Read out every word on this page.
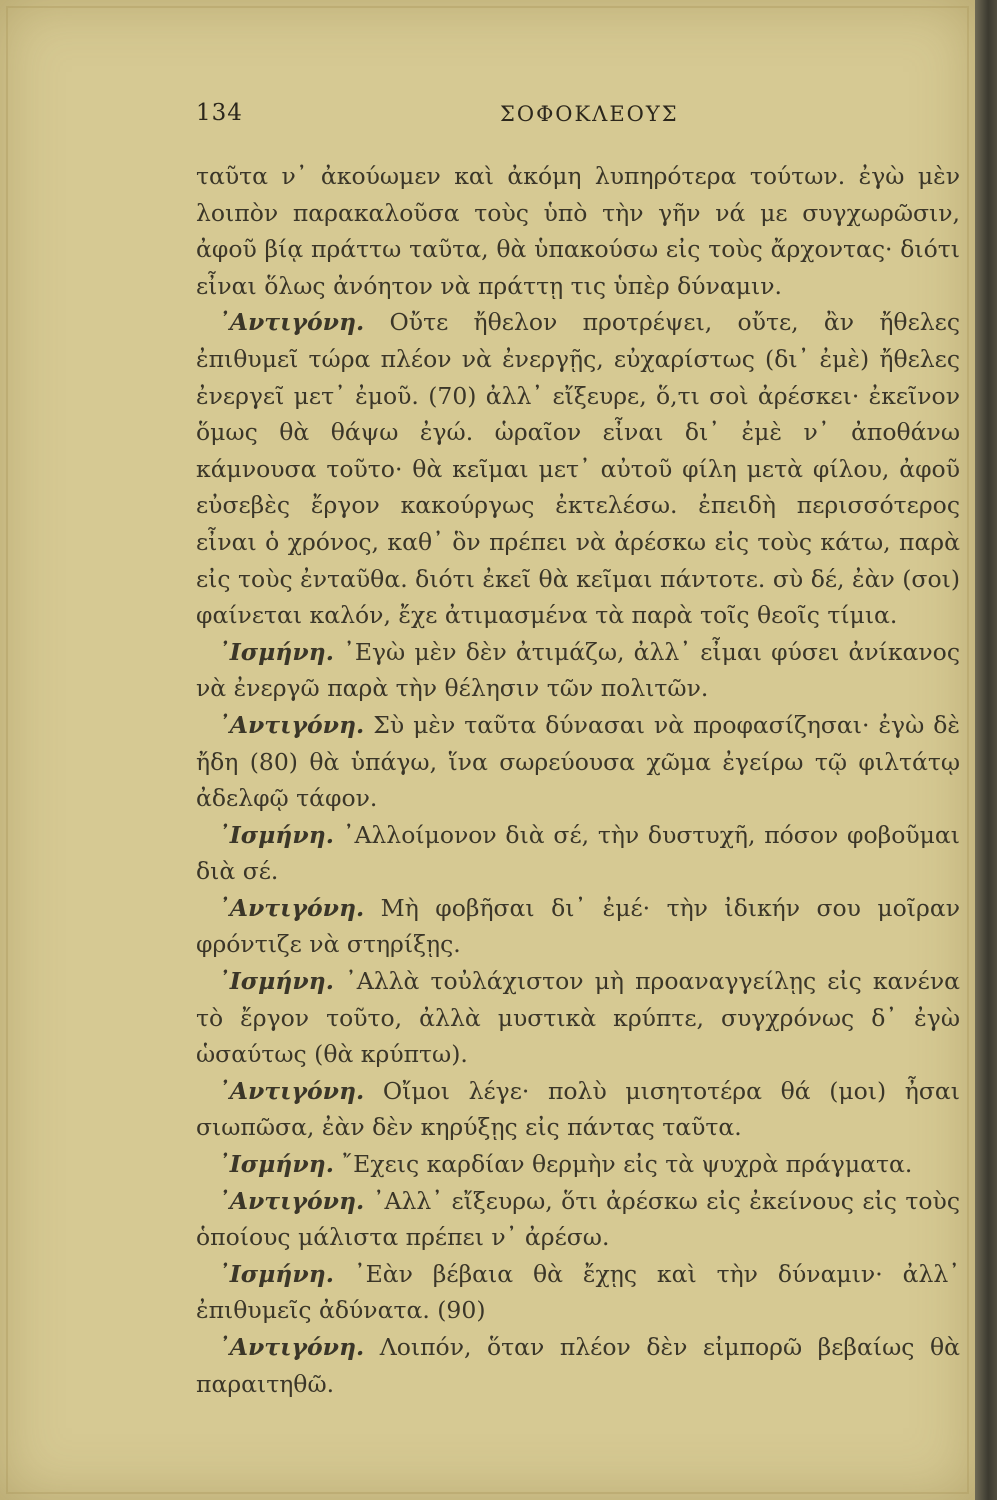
134	ΣΟΦΟΚΛΕΟΥΣ

ταῦτα ν᾽ ἀκούωμεν καὶ ἀκόμη λυπηρότερα τούτων. ἐγὼ μὲν λοιπὸν παρακαλοῦσα τοὺς ὑπὸ τὴν γῆν νά με συγχωρῶσιν, ἀφοῦ βίᾳ πράττω ταῦτα, θὰ ὑπακούσω εἰς τοὺς ἄρχοντας· διότι εἶναι ὅλως ἀνόητον νὰ πράττῃ τις ὑπὲρ δύναμιν.

᾽Αντιγόνη. Οὔτε ἤθελον προτρέψει, οὔτε, ἂν ἤθελες ἐπιθυμεῖ τώρα πλέον νὰ ἐνεργῇς, εὐχαρίστως (δι᾽ ἐμὲ) ἤθελες ἐνεργεῖ μετ᾽ ἐμοῦ. (70) ἀλλ᾽ εἴξευρε, ὅ,τι σοὶ ἀρέσκει· ἐκεῖνον ὅμως θὰ θάψω ἐγώ. ὡραῖον εἶναι δι᾽ ἐμὲ ν᾽ ἀποθάνω κάμνουσα τοῦτο· θὰ κεῖμαι μετ᾽ αὐτοῦ φίλη μετὰ φίλου, ἀφοῦ εὐσεβὲς ἔργον κακούργως ἐκτελέσω. ἐπειδὴ περισσότερος εἶναι ὁ χρόνος, καθ᾽ ὃν πρέπει νὰ ἀρέσκω εἰς τοὺς κάτω, παρὰ εἰς τοὺς ἐνταῦθα. διότι ἐκεῖ θὰ κεῖμαι πάντοτε. σὺ δέ, ἐὰν (σοι) φαίνεται καλόν, ἔχε ἀτιμασμένα τὰ παρὰ τοῖς θεοῖς τίμια.

᾽Ισμήνη. ᾽Εγὼ μὲν δὲν ἀτιμάζω, ἀλλ᾽ εἶμαι φύσει ἀνίκανος νὰ ἐνεργῶ παρὰ τὴν θέλησιν τῶν πολιτῶν.

᾽Αντιγόνη. Σὺ μὲν ταῦτα δύνασαι νὰ προφασίζησαι· ἐγὼ δὲ ἤδη (80) θὰ ὑπάγω, ἵνα σωρεύουσα χῶμα ἐγείρω τῷ φιλτάτῳ ἀδελφῷ τάφον.

᾽Ισμήνη. ᾽Αλλοίμονον διὰ σέ, τὴν δυστυχῆ, πόσον φοβοῦμαι διὰ σέ.

᾽Αντιγόνη. Μὴ φοβῆσαι δι᾽ ἐμέ· τὴν ἰδικήν σου μοῖραν φρόντιζε νὰ στηρίξῃς.

᾽Ισμήνη. ᾽Αλλὰ τοὐλάχιστον μὴ προαναγγείλῃς εἰς κανένα τὸ ἔργον τοῦτο, ἀλλὰ μυστικὰ κρύπτε, συγχρόνως δ᾽ ἐγὼ ὡσαύτως (θὰ κρύπτω).

᾽Αντιγόνη. Οἴμοι λέγε· πολὺ μισητοτέρα θά (μοι) ἦσαι σιωπῶσα, ἐὰν δὲν κηρύξῃς εἰς πάντας ταῦτα.

᾽Ισμήνη. ῎Εχεις καρδίαν θερμὴν εἰς τὰ ψυχρὰ πράγματα.

᾽Αντιγόνη. ᾽Αλλ᾽ εἴξευρω, ὅτι ἀρέσκω εἰς ἐκείνους εἰς τοὺς ὁποίους μάλιστα πρέπει ν᾽ ἀρέσω.

᾽Ισμήνη. ᾽Εὰν βέβαια θὰ ἔχῃς καὶ τὴν δύναμιν· ἀλλ᾽ ἐπιθυμεῖς ἀδύνατα. (90)

᾽Αντιγόνη. Λοιπόν, ὅταν πλέον δὲν εἰμπορῶ βεβαίως θὰ παραιτηθῶ.
